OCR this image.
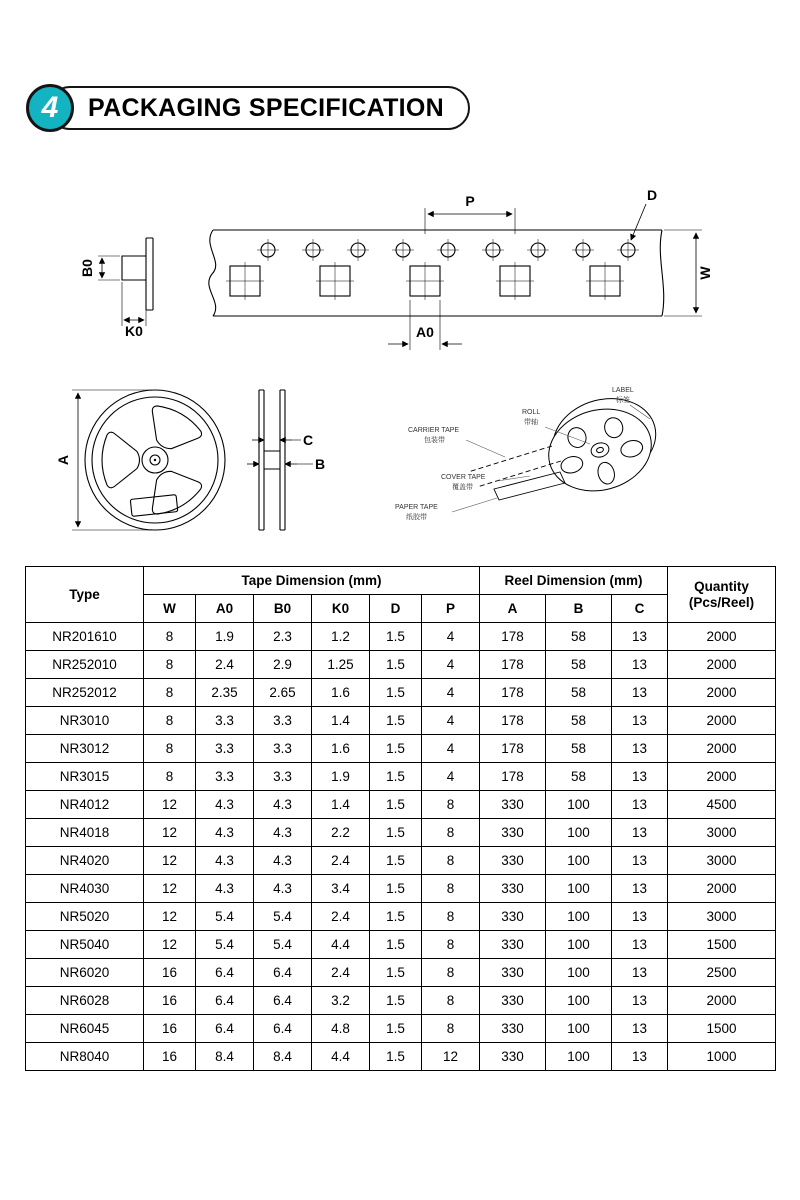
4	PACKAGING SPECIFICATION
P	D
W
A0
B0
K0
A
C
B
LABEL
标签
ROLL
带轴
CARRIER TAPE
包装带
COVER TAPE
覆盖带
PAPER TAPE
纸胶带
Type	Tape Dimension (mm)						Reel Dimension (mm)			Quantity
(Pcs/Reel)
	W	A0	B0	K0	D	P	A	B	C	
NR201610	8	1.9	2.3	1.2	1.5	4	178	58	13	2000
NR252010	8	2.4	2.9	1.25	1.5	4	178	58	13	2000
NR252012	8	2.35	2.65	1.6	1.5	4	178	58	13	2000
NR3010	8	3.3	3.3	1.4	1.5	4	178	58	13	2000
NR3012	8	3.3	3.3	1.6	1.5	4	178	58	13	2000
NR3015	8	3.3	3.3	1.9	1.5	4	178	58	13	2000
NR4012	12	4.3	4.3	1.4	1.5	8	330	100	13	4500
NR4018	12	4.3	4.3	2.2	1.5	8	330	100	13	3000
NR4020	12	4.3	4.3	2.4	1.5	8	330	100	13	3000
NR4030	12	4.3	4.3	3.4	1.5	8	330	100	13	2000
NR5020	12	5.4	5.4	2.4	1.5	8	330	100	13	3000
NR5040	12	5.4	5.4	4.4	1.5	8	330	100	13	1500
NR6020	16	6.4	6.4	2.4	1.5	8	330	100	13	2500
NR6028	16	6.4	6.4	3.2	1.5	8	330	100	13	2000
NR6045	16	6.4	6.4	4.8	1.5	8	330	100	13	1500
NR8040	16	8.4	8.4	4.4	1.5	12	330	100	13	1000
